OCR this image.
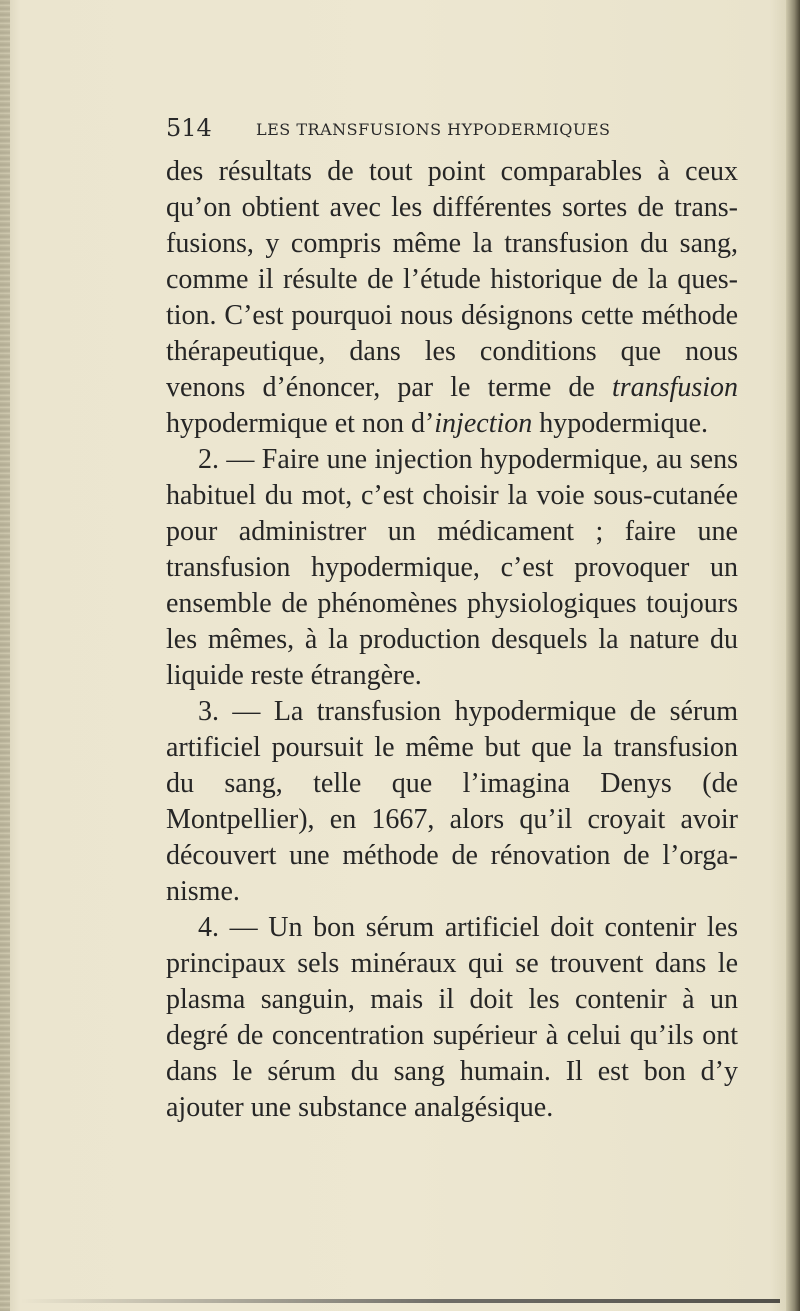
514	LES TRANSFUSIONS HYPODERMIQUES

des résultats de tout point comparables à ceux qu’on obtient avec les différentes sortes de transfusions, y compris même la transfusion du sang, comme il résulte de l’étude historique de la question. C’est pourquoi nous désignons cette méthode thérapeutique, dans les conditions que nous venons d’énoncer, par le terme de transfusion hypodermique et non d’injection hypodermique.

2. — Faire une injection hypodermique, au sens habituel du mot, c’est choisir la voie sous-cutanée pour administrer un médicament ; faire une transfusion hypodermique, c’est provoquer un ensemble de phénomènes physiologiques toujours les mêmes, à la production desquels la nature du liquide reste étrangère.

3. — La transfusion hypodermique de sérum artificiel poursuit le même but que la transfusion du sang, telle que l’imagina Denys (de Montpellier), en 1667, alors qu’il croyait avoir découvert une méthode de rénovation de l’organisme.

4. — Un bon sérum artificiel doit contenir les principaux sels minéraux qui se trouvent dans le plasma sanguin, mais il doit les contenir à un degré de concentration supérieur à celui qu’ils ont dans le sérum du sang humain. Il est bon d’y ajouter une substance analgésique.
